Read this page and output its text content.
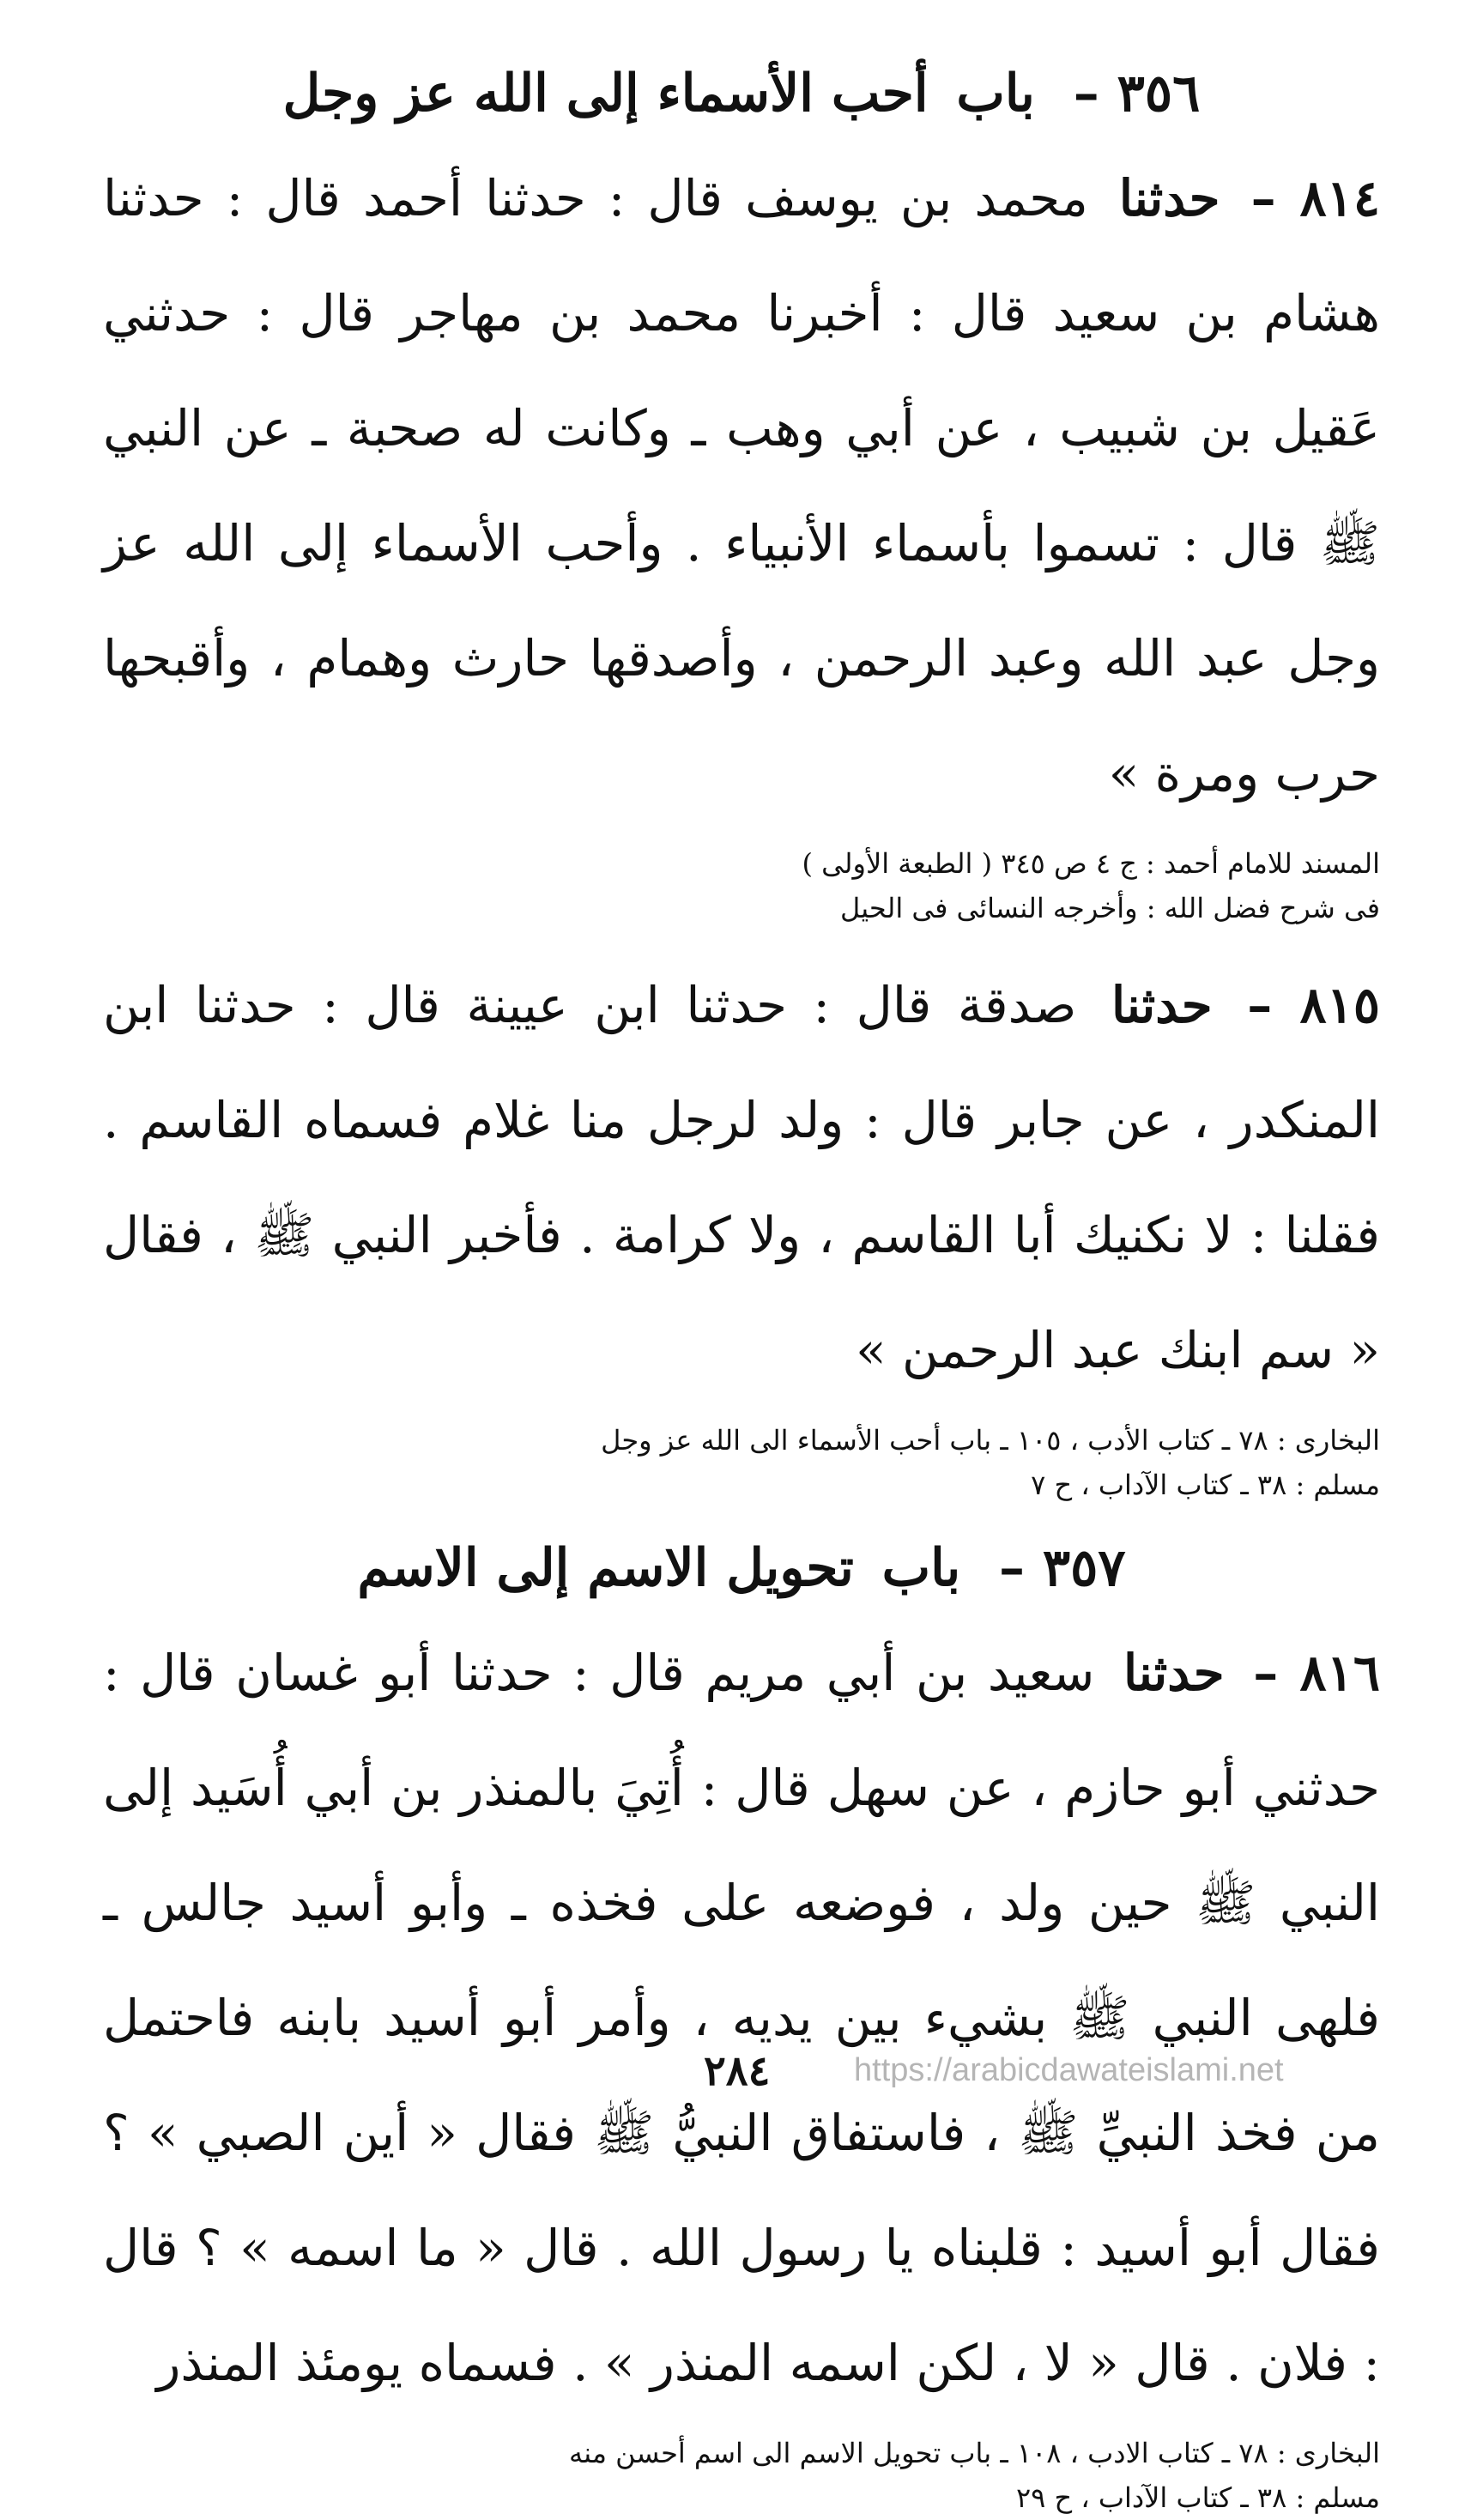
٣٥٦ – باب أحب الأسماء إلى الله عز وجل

٨١٤ – حدثنا محمد بن يوسف قال : حدثنا أحمد قال : حدثنا هشام بن سعيد قال : أخبرنا محمد بن مهاجر قال : حدثني عَقيل بن شبيب ، عن أبي وهب ـ وكانت له صحبة ـ عن النبي ﷺ قال : تسموا بأسماء الأنبياء . وأحب الأسماء إلى الله عز وجل عبد الله وعبد الرحمن ، وأصدقها حارث وهمام ، وأقبحها حرب ومرة »

المسند للامام أحمد : ج ٤ ص ٣٤٥ ( الطبعة الأولى )
فى شرح فضل الله : وأخرجه النسائى فى الحيل

٨١٥ – حدثنا صدقة قال : حدثنا ابن عيينة قال : حدثنا ابن المنكدر ، عن جابر قال : ولد لرجل منا غلام فسماه القاسم . فقلنا : لا نكنيك أبا القاسم ، ولا كرامة . فأخبر النبي ﷺ ، فقال « سم ابنك عبد الرحمن »

البخارى : ٧٨ ـ كتاب الأدب ، ١٠٥ ـ باب أحب الأسماء الى الله عز وجل
مسلم : ٣٨ ـ كتاب الآداب ، ح ٧
٣٥٧ – باب تحويل الاسم إلى الاسم

٨١٦ – حدثنا سعيد بن أبي مريم قال : حدثنا أبو غسان قال : حدثني أبو حازم ، عن سهل قال : أُتِيَ بالمنذر بن أبي أُسَيد إلى النبي ﷺ حين ولد ، فوضعه على فخذه ـ وأبو أسيد جالس ـ فلهى النبي ﷺ بشيء بين يديه ، وأمر أبو أسيد بابنه فاحتمل من فخذ النبيِّ ﷺ ، فاستفاق النبيُّ ﷺ فقال « أين الصبي » ؟ فقال أبو أسيد : قلبناه يا رسول الله . قال « ما اسمه » ؟ قال : فلان . قال « لا ، لكن اسمه المنذر » . فسماه يومئذ المنذر

البخارى : ٧٨ ـ كتاب الادب ، ١٠٨ ـ باب تحويل الاسم الى اسم أحسن منه
مسلم : ٣٨ ـ كتاب الآداب ، ح ٢٩
٢٨٤	https://arabicdawateislami.net
